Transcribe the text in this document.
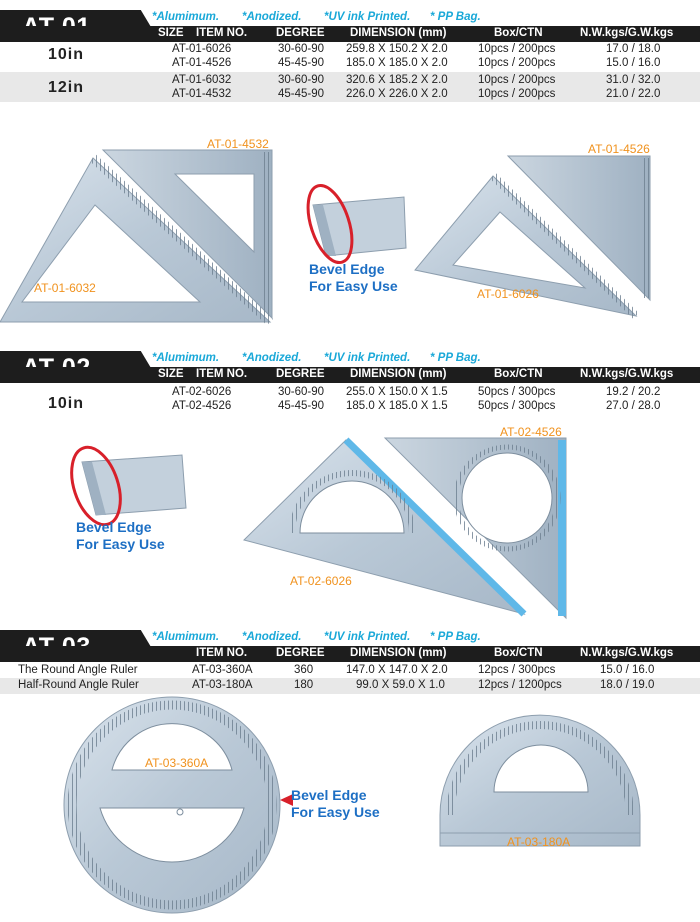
*Alumimum. *Anodized. *UV ink Printed. * PP Bag.
SIZE ITEM NO.	DEGREE DIMENSION (mm)	Box/CTN	N.W.kgs/G.W.kgs
10in	AT-01-6026	30-60-90 259.8 X 150.2 X 2.0	10pcs / 200pcs	17.0 / 18.0
AT-01-4526	45-45-90 185.0 X 185.0 X 2.0	10pcs / 200pcs	15.0 / 16.0
12in	AT-01-6032	30-60-90 320.6 X 185.2 X 2.0	10pcs / 200pcs	31.0 / 32.0
AT-01-4532	45-45-90 226.0 X 226.0 X 2.0	10pcs / 200pcs	21.0 / 22.0
AT-01-4532
AT-01-6032
AT-01-4526
AT-01-6026
Bevel Edge
For Easy Use
*Alumimum. *Anodized. *UV ink Printed. * PP Bag.
SIZE ITEM NO.	DEGREE DIMENSION (mm)	Box/CTN	N.W.kgs/G.W.kgs
10in
AT-02-6026	30-60-90 255.0 X 150.0 X 1.5	50pcs / 300pcs	19.2 / 20.2
AT-02-4526	45-45-90 185.0 X 185.0 X 1.5	50pcs / 300pcs	27.0 / 28.0
AT-02-4526
AT-02-6026
Bevel Edge
For Easy Use
*Alumimum. *Anodized. *UV ink Printed. * PP Bag.
ITEM NO.	DEGREE DIMENSION (mm)	Box/CTN	N.W.kgs/G.W.kgs
The Round Angle Ruler	AT-03-360A	360	147.0 X 147.0 X 2.0	12pcs / 300pcs	15.0 / 16.0
Half-Round Angle Ruler	AT-03-180A	180	99.0 X 59.0 X 1.0	12pcs / 1200pcs	18.0 / 19.0
AT-03-360A
AT-03-180A
Bevel Edge
For Easy Use
